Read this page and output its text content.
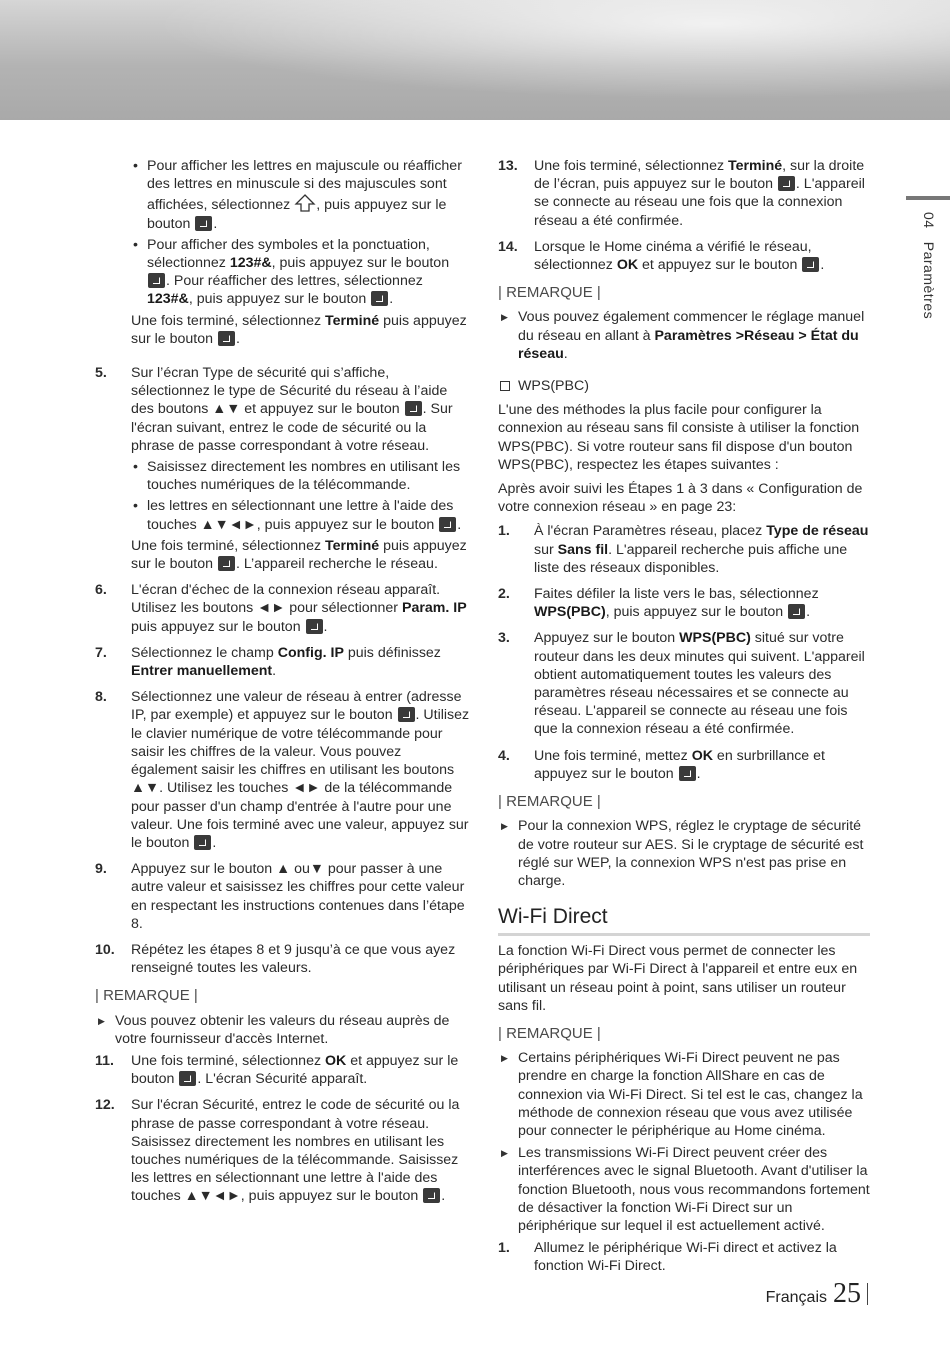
04   Paramètres
• Pour afficher les lettres en majuscule ou réafficher des lettres en minuscule si des majuscules sont affichées, sélectionnez , puis appuyez sur le bouton .
• Pour afficher des symboles et la ponctuation, sélectionnez 123#&, puis appuyez sur le bouton . Pour réafficher des lettres, sélectionnez 123#&, puis appuyez sur le bouton .
Une fois terminé, sélectionnez Terminé puis appuyez sur le bouton .
5. Sur l’écran Type de sécurité qui s’affiche, sélectionnez le type de Sécurité du réseau à l’aide des boutons ▲▼ et appuyez sur le bouton . Sur l'écran suivant, entrez le code de sécurité ou la phrase de passe correspondant à votre réseau.
• Saisissez directement les nombres en utilisant les touches numériques de la télécommande.
• les lettres en sélectionnant une lettre à l'aide des touches ▲▼◄►, puis appuyez sur le bouton .
Une fois terminé, sélectionnez Terminé puis appuyez sur le bouton . L’appareil recherche le réseau.
6. L'écran d'échec de la connexion réseau apparaît. Utilisez les boutons ◄► pour sélectionner Param. IP puis appuyez sur le bouton .
7. Sélectionnez le champ Config. IP puis définissez Entrer manuellement.
8. Sélectionnez une valeur de réseau à entrer (adresse IP, par exemple) et appuyez sur le bouton . Utilisez le clavier numérique de votre télécommande pour saisir les chiffres de la valeur. Vous pouvez également saisir les chiffres en utilisant les boutons ▲▼. Utilisez les touches ◄► de la télécommande pour passer d'un champ d'entrée à l'autre pour une valeur. Une fois terminé avec une valeur, appuyez sur le bouton .
9. Appuyez sur le bouton ▲ ou▼ pour passer à une autre valeur et saisissez les chiffres pour cette valeur en respectant les instructions contenues dans l’étape 8.
10. Répétez les étapes 8 et 9 jusqu’à ce que vous ayez renseigné toutes les valeurs.
| REMARQUE |
▶ Vous pouvez obtenir les valeurs du réseau auprès de votre fournisseur d'accès Internet.
11. Une fois terminé, sélectionnez OK et appuyez sur le bouton . L'écran Sécurité apparaît.
12. Sur l'écran Sécurité, entrez le code de sécurité ou la phrase de passe correspondant à votre réseau. Saisissez directement les nombres en utilisant les touches numériques de la télécommande. Saisissez les lettres en sélectionnant une lettre à l'aide des touches ▲▼◄►, puis appuyez sur le bouton .
13. Une fois terminé, sélectionnez Terminé, sur la droite de l’écran, puis appuyez sur le bouton . L'appareil se connecte au réseau une fois que la connexion réseau a été confirmée.
14. Lorsque le Home cinéma a vérifié le réseau, sélectionnez OK et appuyez sur le bouton .
| REMARQUE |
▶ Vous pouvez également commencer le réglage manuel du réseau en allant à Paramètres >Réseau > État du réseau.
WPS(PBC)
L'une des méthodes la plus facile pour configurer la connexion au réseau sans fil consiste à utiliser la fonction WPS(PBC). Si votre routeur sans fil dispose d'un bouton WPS(PBC), respectez les étapes suivantes :
Après avoir suivi les Étapes 1 à 3 dans « Configuration de votre connexion réseau » en page 23:
1. À l'écran Paramètres réseau, placez Type de réseau sur Sans fil. L'appareil recherche puis affiche une liste des réseaux disponibles.
2. Faites défiler la liste vers le bas, sélectionnez WPS(PBC), puis appuyez sur le bouton .
3. Appuyez sur le bouton WPS(PBC) situé sur votre routeur dans les deux minutes qui suivent. L'appareil obtient automatiquement toutes les valeurs des paramètres réseau nécessaires et se connecte au réseau. L'appareil se connecte au réseau une fois que la connexion réseau a été confirmée.
4. Une fois terminé, mettez OK en surbrillance et appuyez sur le bouton .
| REMARQUE |
▶ Pour la connexion WPS, réglez le cryptage de sécurité de votre routeur sur AES. Si le cryptage de sécurité est réglé sur WEP, la connexion WPS n'est pas prise en charge.
Wi-Fi Direct
La fonction Wi-Fi Direct vous permet de connecter les périphériques par Wi-Fi Direct à l'appareil et entre eux en utilisant un réseau point à point, sans utiliser un routeur sans fil.
| REMARQUE |
▶ Certains périphériques Wi-Fi Direct peuvent ne pas prendre en charge la fonction AllShare en cas de connexion via Wi-Fi Direct. Si tel est le cas, changez la méthode de connexion réseau que vous avez utilisée pour connecter le périphérique au Home cinéma.
▶ Les transmissions Wi-Fi Direct peuvent créer des interférences avec le signal Bluetooth. Avant d'utiliser la fonction Bluetooth, nous vous recommandons fortement de désactiver la fonction Wi-Fi Direct sur un périphérique sur lequel il est actuellement activé.
1. Allumez le périphérique Wi-Fi direct et activez la fonction Wi-Fi Direct.
Français 25
